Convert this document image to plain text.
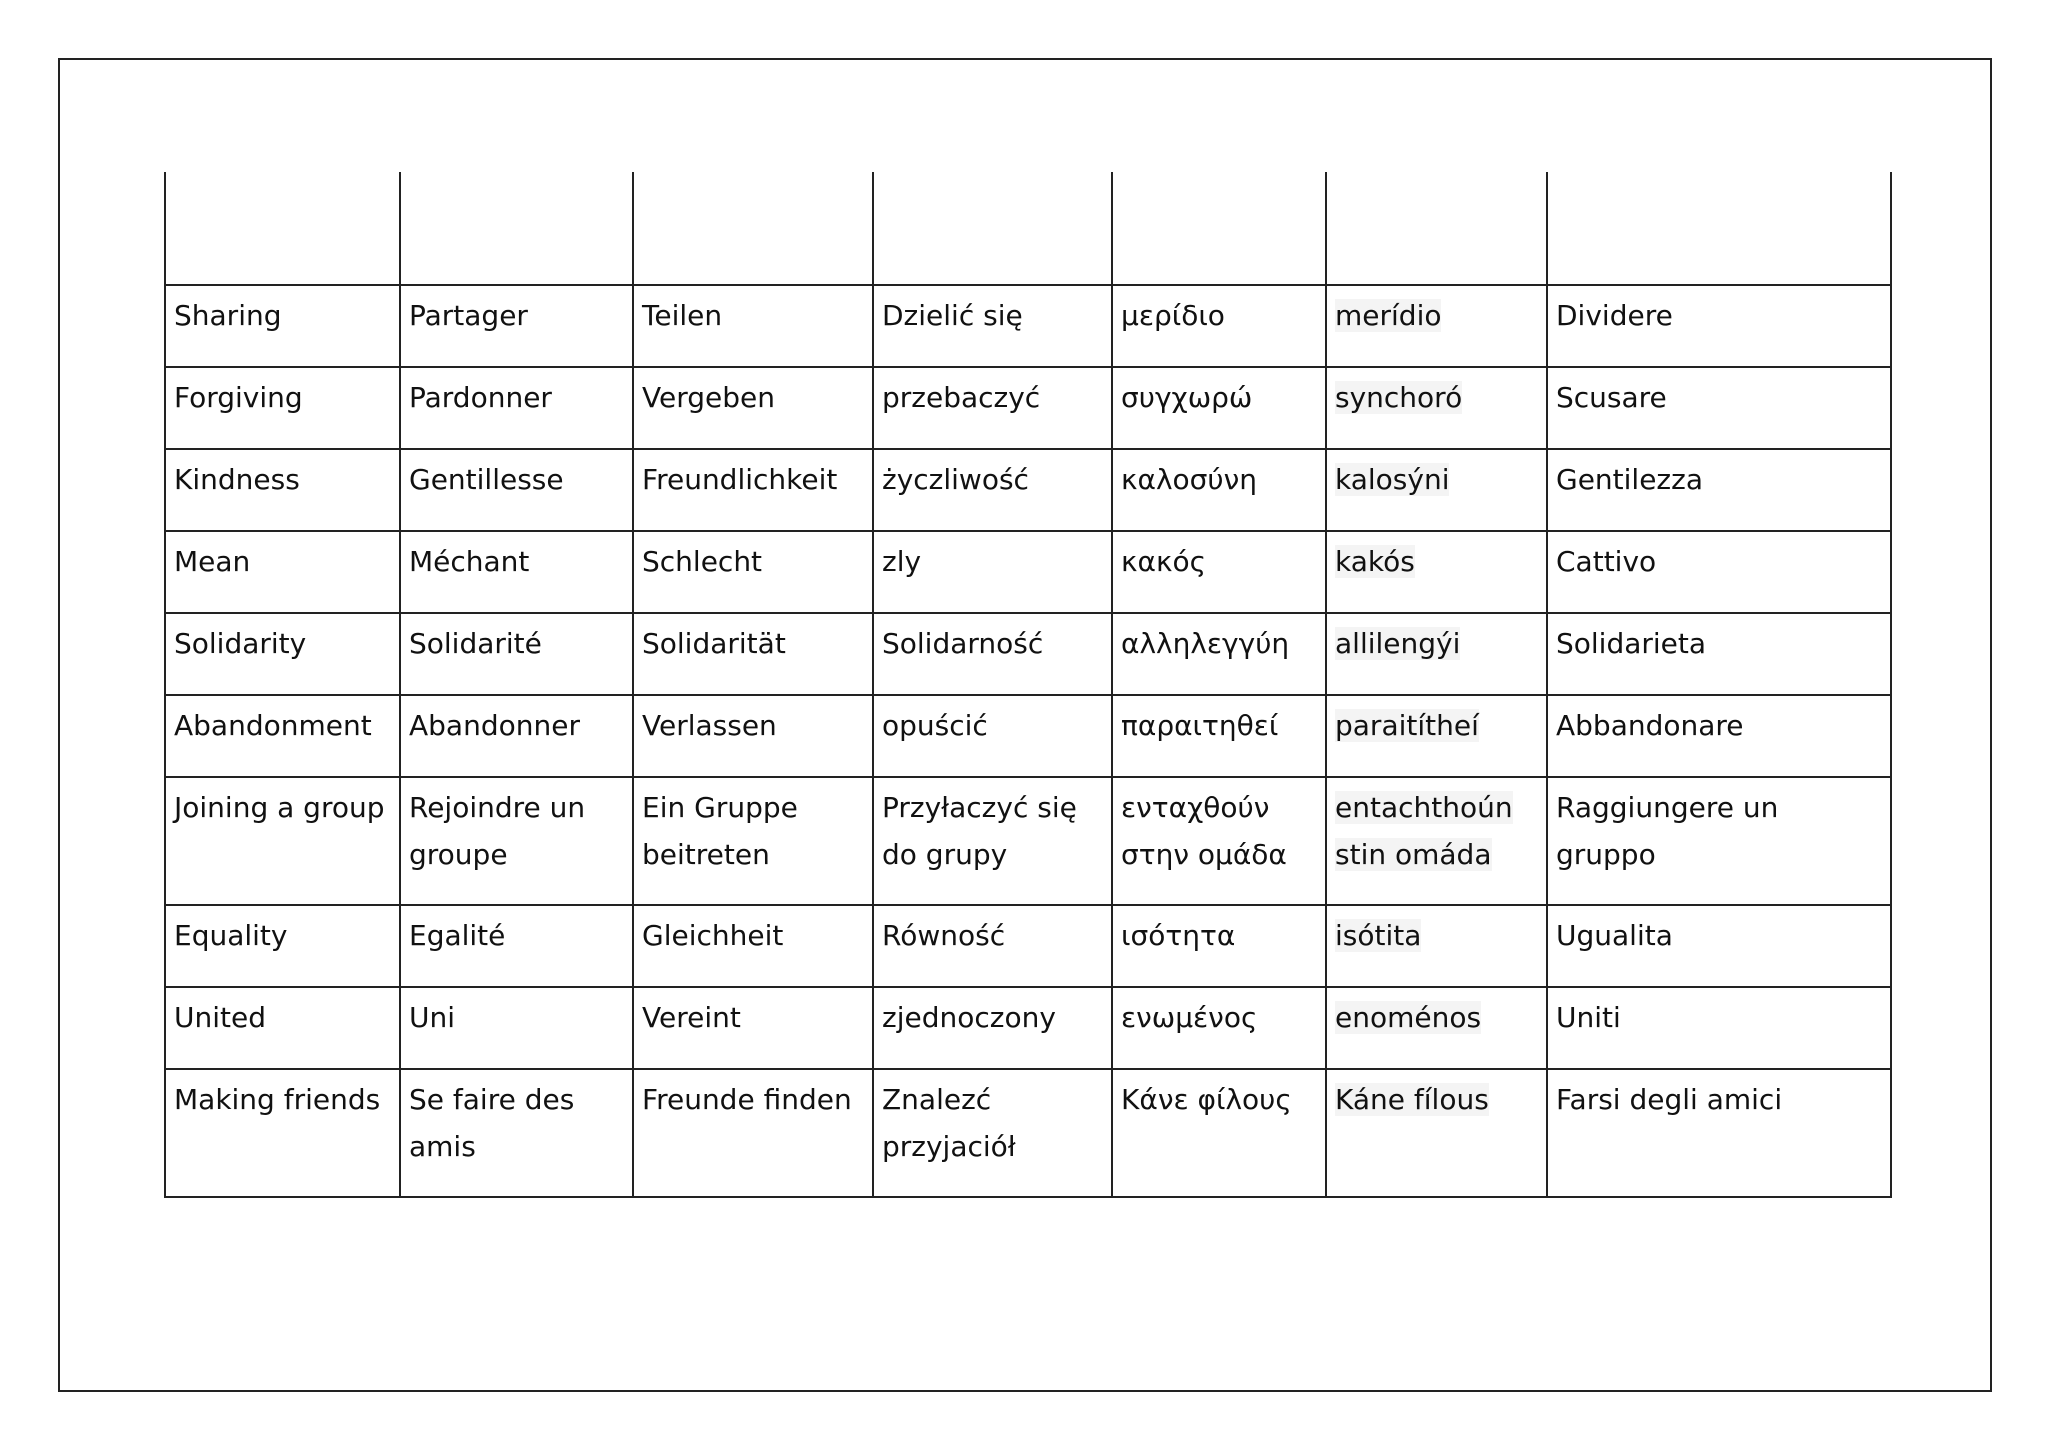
Sharing	Partager	Teilen	Dzielić się	μερίδιο	merídio	Dividere
Forgiving	Pardonner	Vergeben	przebaczyć	συγχωρώ	synchoró	Scusare
Kindness	Gentillesse	Freundlichkeit	życzliwość	καλοσύνη	kalosýni	Gentilezza
Mean	Méchant	Schlecht	zly	κακός	kakós	Cattivo
Solidarity	Solidarité	Solidarität	Solidarność	αλληλεγγύη	allilengýi	Solidarieta
Abandonment	Abandonner	Verlassen	opuścić	παραιτηθεί	paraitítheí	Abbandonare
Joining a group	Rejoindre un groupe	Ein Gruppe beitreten	Przyłaczyć się do grupy	ενταχθούν στην ομάδα	entachthoún stin omáda	Raggiungere un gruppo
Equality	Egalité	Gleichheit	Równość	ισότητα	isótita	Ugualita
United	Uni	Vereint	zjednoczony	ενωμένος	enoménos	Uniti
Making friends	Se faire des amis	Freunde finden	Znalezć przyjaciół	Κάνε φίλους	Káne fílous	Farsi degli amici
